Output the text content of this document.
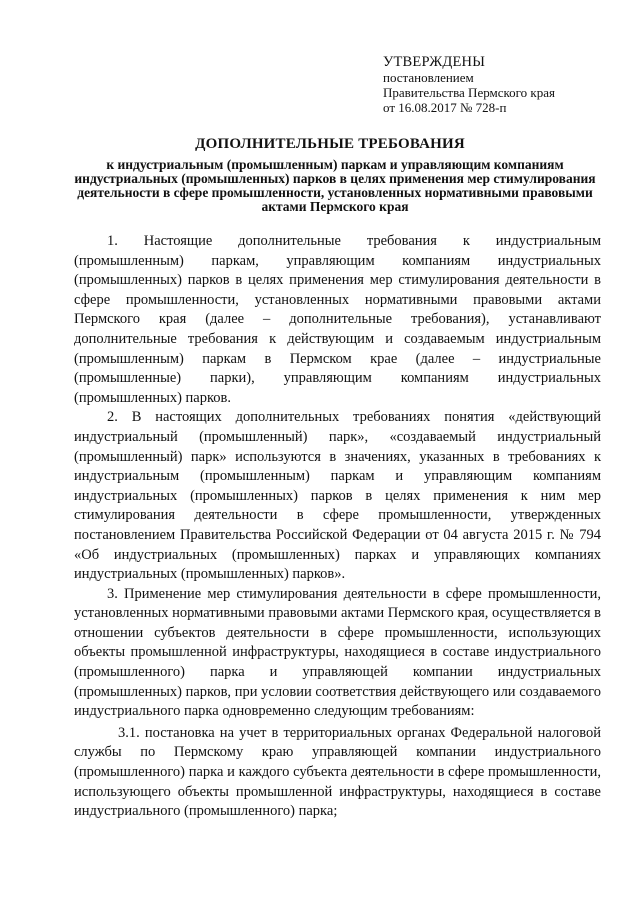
УТВЕРЖДЕНЫ
постановлением
Правительства Пермского края
от 16.08.2017 № 728-п
ДОПОЛНИТЕЛЬНЫЕ ТРЕБОВАНИЯ
к индустриальным (промышленным) паркам и управляющим компаниям индустриальных (промышленных) парков в целях применения мер стимулирования деятельности в сфере промышленности, установленных нормативными правовыми актами Пермского края

1. Настоящие дополнительные требования к индустриальным (промышленным) паркам, управляющим компаниям индустриальных (промышленных) парков в целях применения мер стимулирования деятельности в сфере промышленности, установленных нормативными правовыми актами Пермского края (далее – дополнительные требования), устанавливают дополнительные требования к действующим и создаваемым индустриальным (промышленным) паркам в Пермском крае (далее – индустриальные (промышленные) парки), управляющим компаниям индустриальных (промышленных) парков.

2. В настоящих дополнительных требованиях понятия «действующий индустриальный (промышленный) парк», «создаваемый индустриальный (промышленный) парк» используются в значениях, указанных в требованиях к индустриальным (промышленным) паркам и управляющим компаниям индустриальных (промышленных) парков в целях применения к ним мер стимулирования деятельности в сфере промышленности, утвержденных постановлением Правительства Российской Федерации от 04 августа 2015 г. № 794 «Об индустриальных (промышленных) парках и управляющих компаниях индустриальных (промышленных) парков».

3. Применение мер стимулирования деятельности в сфере промышленности, установленных нормативными правовыми актами Пермского края, осуществляется в отношении субъектов деятельности в сфере промышленности, использующих объекты промышленной инфраструктуры, находящиеся в составе индустриального (промышленного) парка и управляющей компании индустриальных (промышленных) парков, при условии соответствия действующего или создаваемого индустриального парка одновременно следующим требованиям:

3.1. постановка на учет в территориальных органах Федеральной налоговой службы по Пермскому краю управляющей компании индустриального (промышленного) парка и каждого субъекта деятельности в сфере промышленности, использующего объекты промышленной инфраструктуры, находящиеся в составе индустриального (промышленного) парка;
